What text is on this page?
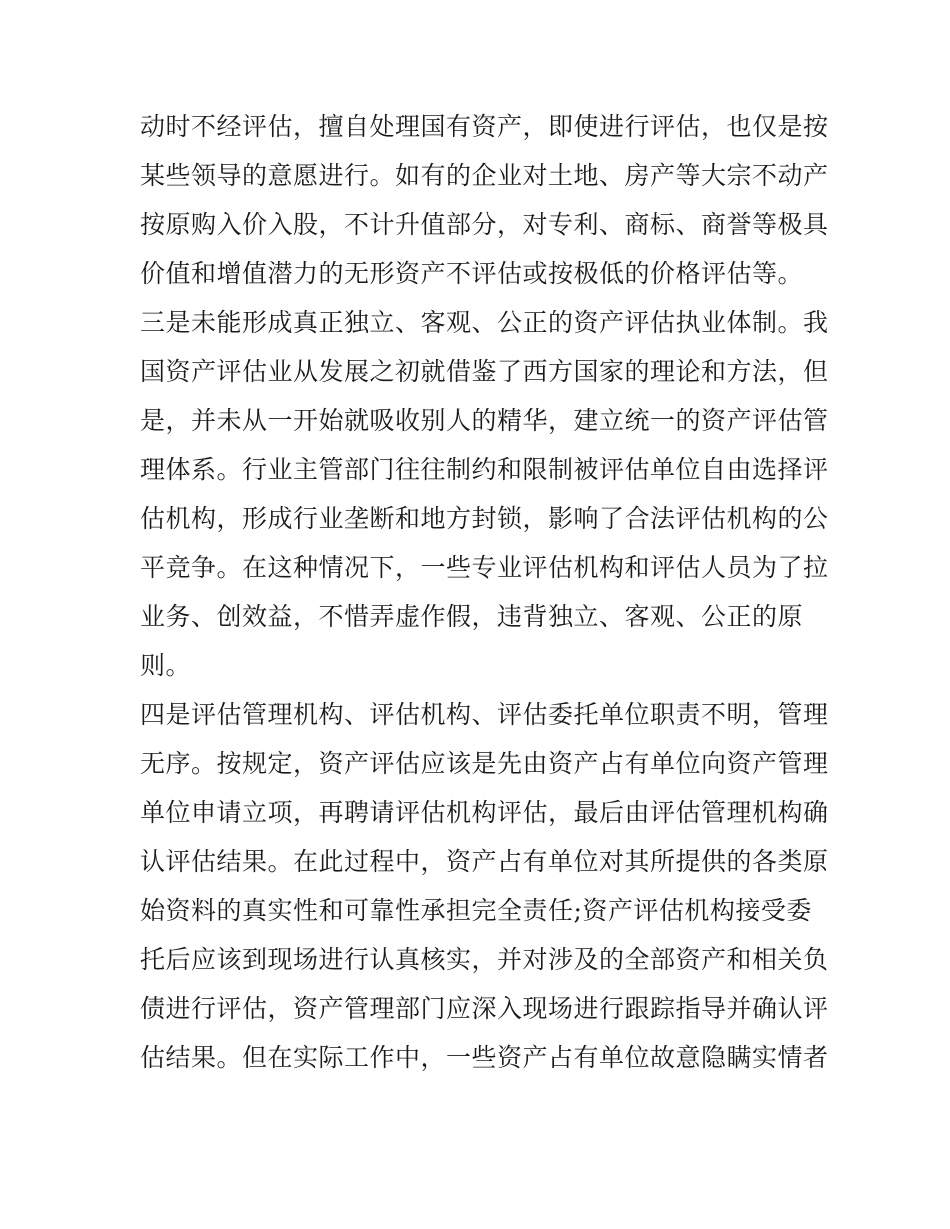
动时不经评估，擅自处理国有资产，即使进行评估，也仅是按
某些领导的意愿进行。如有的企业对土地、房产等大宗不动产
按原购入价入股，不计升值部分，对专利、商标、商誉等极具
价值和增值潜力的无形资产不评估或按极低的价格评估等。
三是未能形成真正独立、客观、公正的资产评估执业体制。我
国资产评估业从发展之初就借鉴了西方国家的理论和方法，但
是，并未从一开始就吸收别人的精华，建立统一的资产评估管
理体系。行业主管部门往往制约和限制被评估单位自由选择评
估机构，形成行业垄断和地方封锁，影响了合法评估机构的公
平竞争。在这种情况下，一些专业评估机构和评估人员为了拉
业务、创效益，不惜弄虚作假，违背独立、客观、公正的原
则。
四是评估管理机构、评估机构、评估委托单位职责不明，管理
无序。按规定，资产评估应该是先由资产占有单位向资产管理
单位申请立项，再聘请评估机构评估，最后由评估管理机构确
认评估结果。在此过程中，资产占有单位对其所提供的各类原
始资料的真实性和可靠性承担完全责任;资产评估机构接受委
托后应该到现场进行认真核实，并对涉及的全部资产和相关负
债进行评估，资产管理部门应深入现场进行跟踪指导并确认评
估结果。但在实际工作中，一些资产占有单位故意隐瞒实情者
